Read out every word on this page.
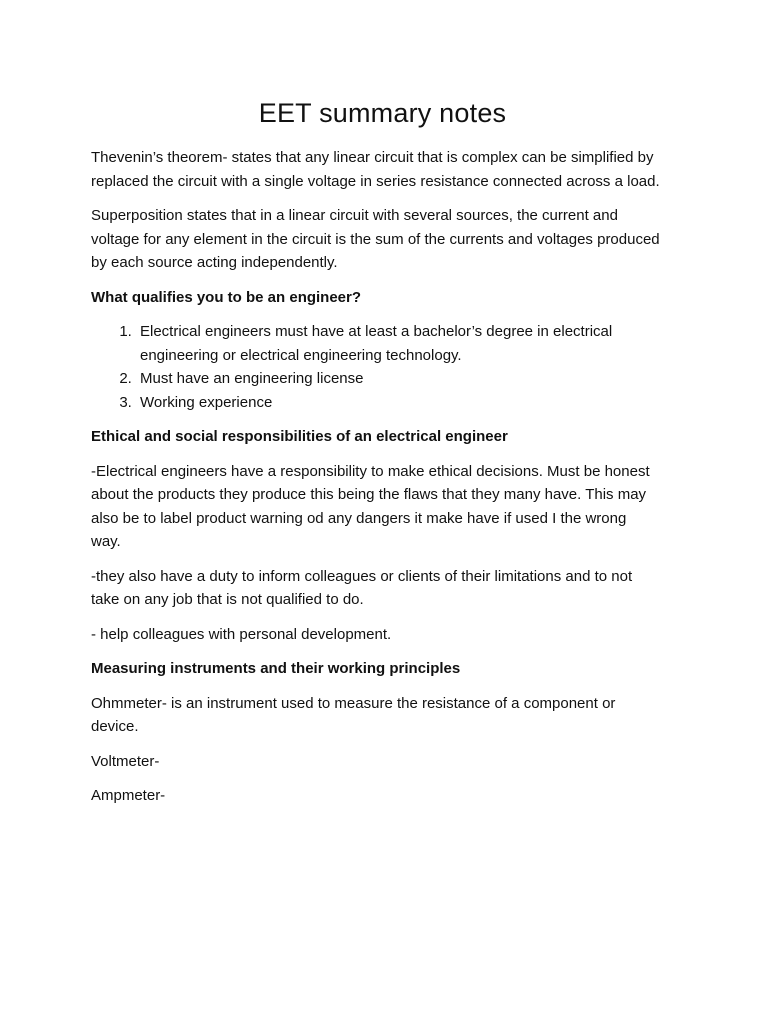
EET summary notes

Thevenin’s theorem- states that any linear circuit that is complex can be simplified by replaced the circuit with a single voltage in series resistance connected across a load.

Superposition states that in a linear circuit with several sources, the current and voltage for any element in the circuit is the sum of the currents and voltages produced by each source acting independently.

What qualifies you to be an engineer?

1. Electrical engineers must have at least a bachelor’s degree in electrical engineering or electrical engineering technology.
2. Must have an engineering license
3. Working experience

Ethical and social responsibilities of an electrical engineer

-Electrical engineers have a responsibility to make ethical decisions. Must be honest about the products they produce this being the flaws that they many have. This may also be to label product warning od any dangers it make have if used I the wrong way.

-they also have a duty to inform colleagues or clients of their limitations and to not take on any job that is not qualified to do.

- help colleagues with personal development.

Measuring instruments and their working principles

Ohmmeter- is an instrument used to measure the resistance of a component or device.

Voltmeter-

Ampmeter-
